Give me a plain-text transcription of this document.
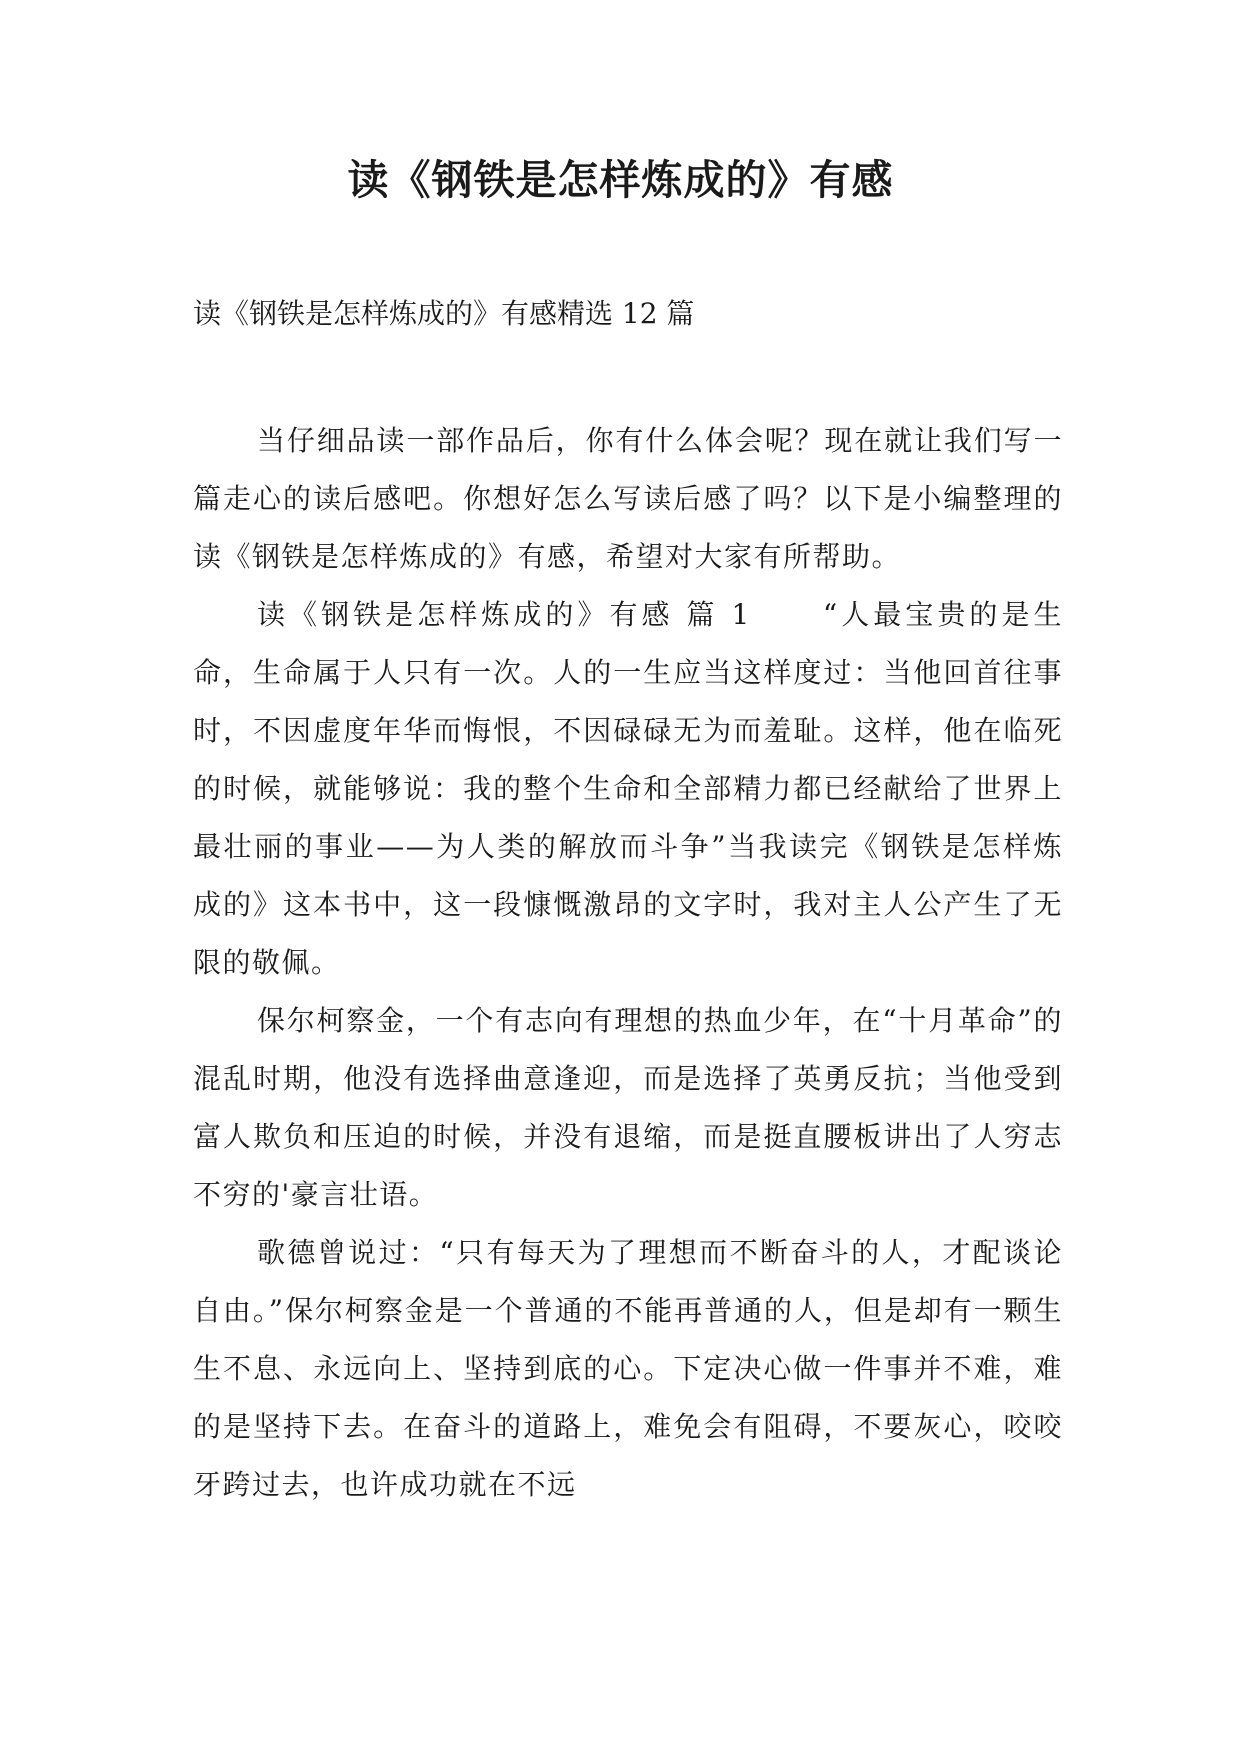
读《钢铁是怎样炼成的》有感

读《钢铁是怎样炼成的》有感精选 12 篇

当仔细品读一部作品后，你有什么体会呢？现在就让我们写一篇走心的读后感吧。你想好怎么写读后感了吗？以下是小编整理的读《钢铁是怎样炼成的》有感，希望对大家有所帮助。

读《钢铁是怎样炼成的》有感 篇 1	“人最宝贵的是生命，生命属于人只有一次。人的一生应当这样度过：当他回首往事时，不因虚度年华而悔恨，不因碌碌无为而羞耻。这样，他在临死的时候，就能够说：我的整个生命和全部精力都已经献给了世界上最壮丽的事业——为人类的解放而斗争”当我读完《钢铁是怎样炼成的》这本书中，这一段慷慨激昂的文字时，我对主人公产生了无限的敬佩。

保尔柯察金，一个有志向有理想的热血少年，在“十月革命”的混乱时期，他没有选择曲意逢迎，而是选择了英勇反抗；当他受到富人欺负和压迫的时候，并没有退缩，而是挺直腰板讲出了人穷志不穷的'豪言壮语。

歌德曾说过：“只有每天为了理想而不断奋斗的人，才配谈论自由。”保尔柯察金是一个普通的不能再普通的人，但是却有一颗生生不息、永远向上、坚持到底的心。下定决心做一件事并不难，难的是坚持下去。在奋斗的道路上，难免会有阻碍，不要灰心，咬咬牙跨过去，也许成功就在不远
